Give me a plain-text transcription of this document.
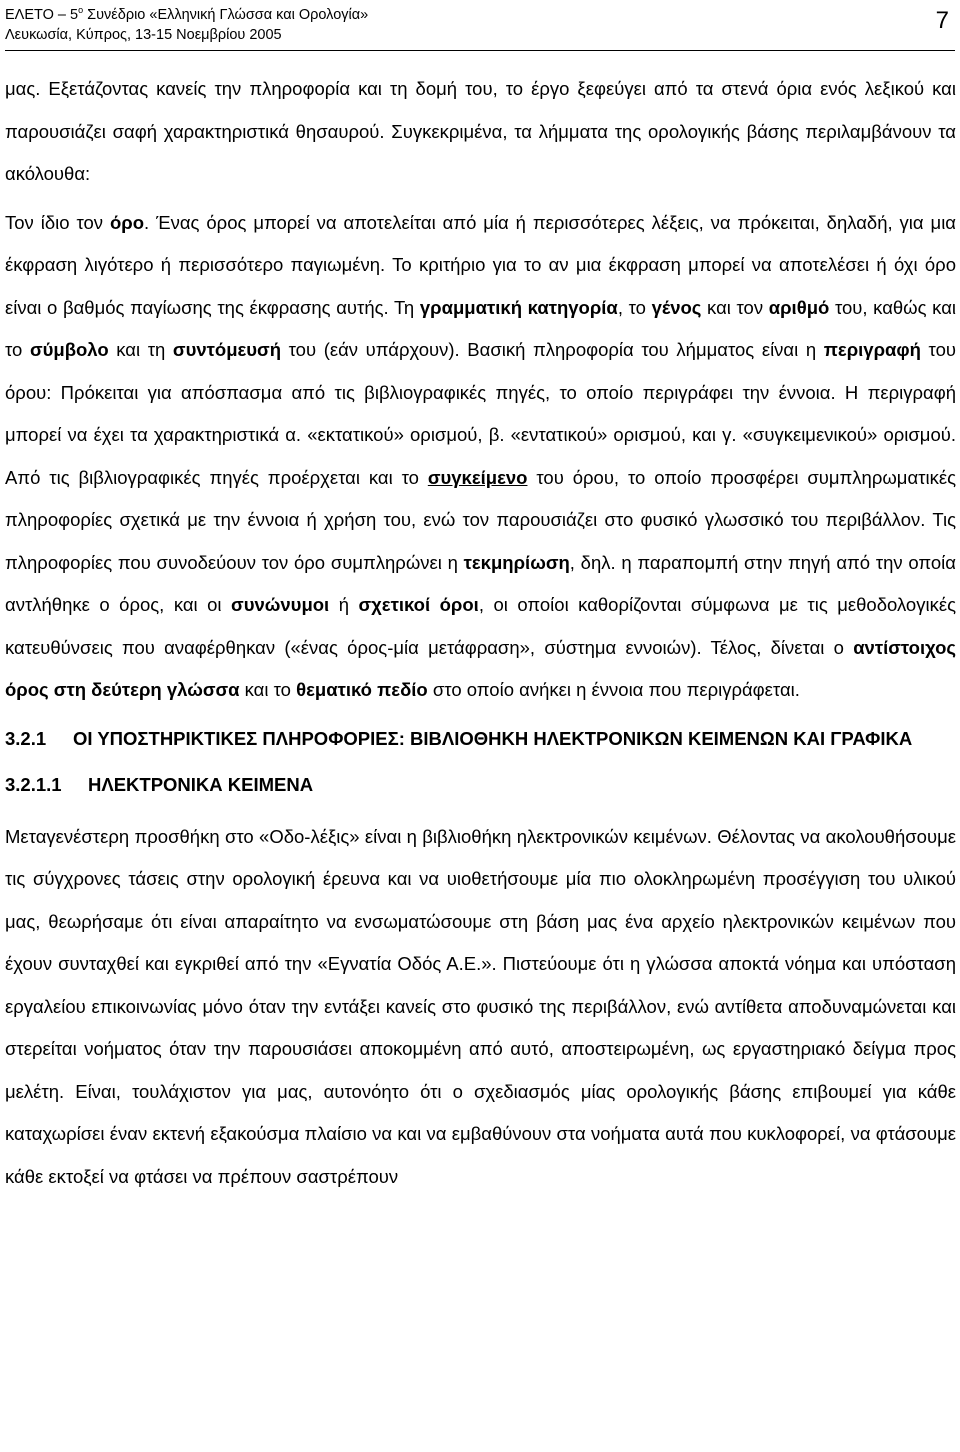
ΕΛΕΤΟ – $5^o$ Συνέδριο «Ελληνική Γλώσσα και Ορολογία»
Λευκωσία, Κύπρος, 13-15 Νοεμβρίου 2005
7

μας. Εξετάζοντας κανείς την πληροφορία και τη δομή του, το έργο ξεφεύγει από τα στενά όρια ενός λεξικού και παρουσιάζει σαφή χαρακτηριστικά θησαυρού. Συγκεκριμένα, τα λήμματα της ορολογικής βάσης περιλαμβάνουν τα ακόλουθα:

Τον ίδιο τον όρο. Ένας όρος μπορεί να αποτελείται από μία ή περισσότερες λέξεις, να πρόκειται, δηλαδή, για μια έκφραση λιγότερο ή περισσότερο παγιωμένη. Το κριτήριο για το αν μια έκφραση μπορεί να αποτελέσει ή όχι όρο είναι ο βαθμός παγίωσης της έκφρασης αυτής. Τη γραμματική κατηγορία, το γένος και τον αριθμό του, καθώς και το σύμβολο και τη συντόμευσή του (εάν υπάρχουν). Βασική πληροφορία του λήμματος είναι η περιγραφή του όρου: Πρόκειται για απόσπασμα από τις βιβλιογραφικές πηγές, το οποίο περιγράφει την έννοια. Η περιγραφή μπορεί να έχει τα χαρακτηριστικά α. «εκτατικού» ορισμού, β. «εντατικού» ορισμού, και γ. «συγκειμενικού» ορισμού. Από τις βιβλιογραφικές πηγές προέρχεται και το συγκείμενο του όρου, το οποίο προσφέρει συμπληρωματικές πληροφορίες σχετικά με την έννοια ή χρήση του, ενώ τον παρουσιάζει στο φυσικό γλωσσικό του περιβάλλον. Τις πληροφορίες που συνοδεύουν τον όρο συμπληρώνει η τεκμηρίωση, δηλ. η παραπομπή στην πηγή από την οποία αντλήθηκε ο όρος, και οι συνώνυμοι ή σχετικοί όροι, οι οποίοι καθορίζονται σύμφωνα με τις μεθοδολογικές κατευθύνσεις που αναφέρθηκαν («ένας όρος-μία μετάφραση», σύστημα εννοιών). Τέλος, δίνεται ο αντίστοιχος όρος στη δεύτερη γλώσσα και το θεματικό πεδίο στο οποίο ανήκει η έννοια που περιγράφεται.

3.2.1	ΟΙ ΥΠΟΣΤΗΡΙΚΤΙΚΕΣ ΠΛΗΡΟΦΟΡΙΕΣ: ΒΙΒΛΙΟΘΗΚΗ ΗΛΕΚΤΡΟΝΙΚΩΝ ΚΕΙΜΕΝΩΝ ΚΑΙ ΓΡΑΦΙΚΑ
3.2.1.1	ΗΛΕΚΤΡΟΝΙΚΑ ΚΕΙΜΕΝΑ

Μεταγενέστερη προσθήκη στο «Οδο-λέξις» είναι η βιβλιοθήκη ηλεκτρονικών κειμένων. Θέλοντας να ακολουθήσουμε τις σύγχρονες τάσεις στην ορολογική έρευνα και να υιοθετήσουμε μία πιο ολοκληρωμένη προσέγγιση του υλικού μας, θεωρήσαμε ότι είναι απαραίτητο να ενσωματώσουμε στη βάση μας ένα αρχείο ηλεκτρονικών κειμένων που έχουν συνταχθεί και εγκριθεί από την «Εγνατία Οδός Α.Ε.». Πιστεύουμε ότι η γλώσσα αποκτά νόημα και υπόσταση εργαλείου επικοινωνίας μόνο όταν την εντάξει κανείς στο φυσικό της περιβάλλον, ενώ αντίθετα αποδυναμώνεται και στερείται νοήματος όταν την παρουσιάσει αποκομμένη από αυτό, αποστειρωμένη, ως εργαστηριακό δείγμα προς μελέτη. Είναι, τουλάχιστον για μας, αυτονόητο ότι ο σχεδιασμός μίας ορολογικής βάσης επιβουμεί για κάθε καταχωρίσει έναν εκτενή εξακούσμα πλαίσιο να και να εμβαθύνουν στα νοήματα αυτά που κυκλοφορεί, να φτάσουμε κάθε εκτοξεί να φτάσει να πρέπουν σαστρέπουν
